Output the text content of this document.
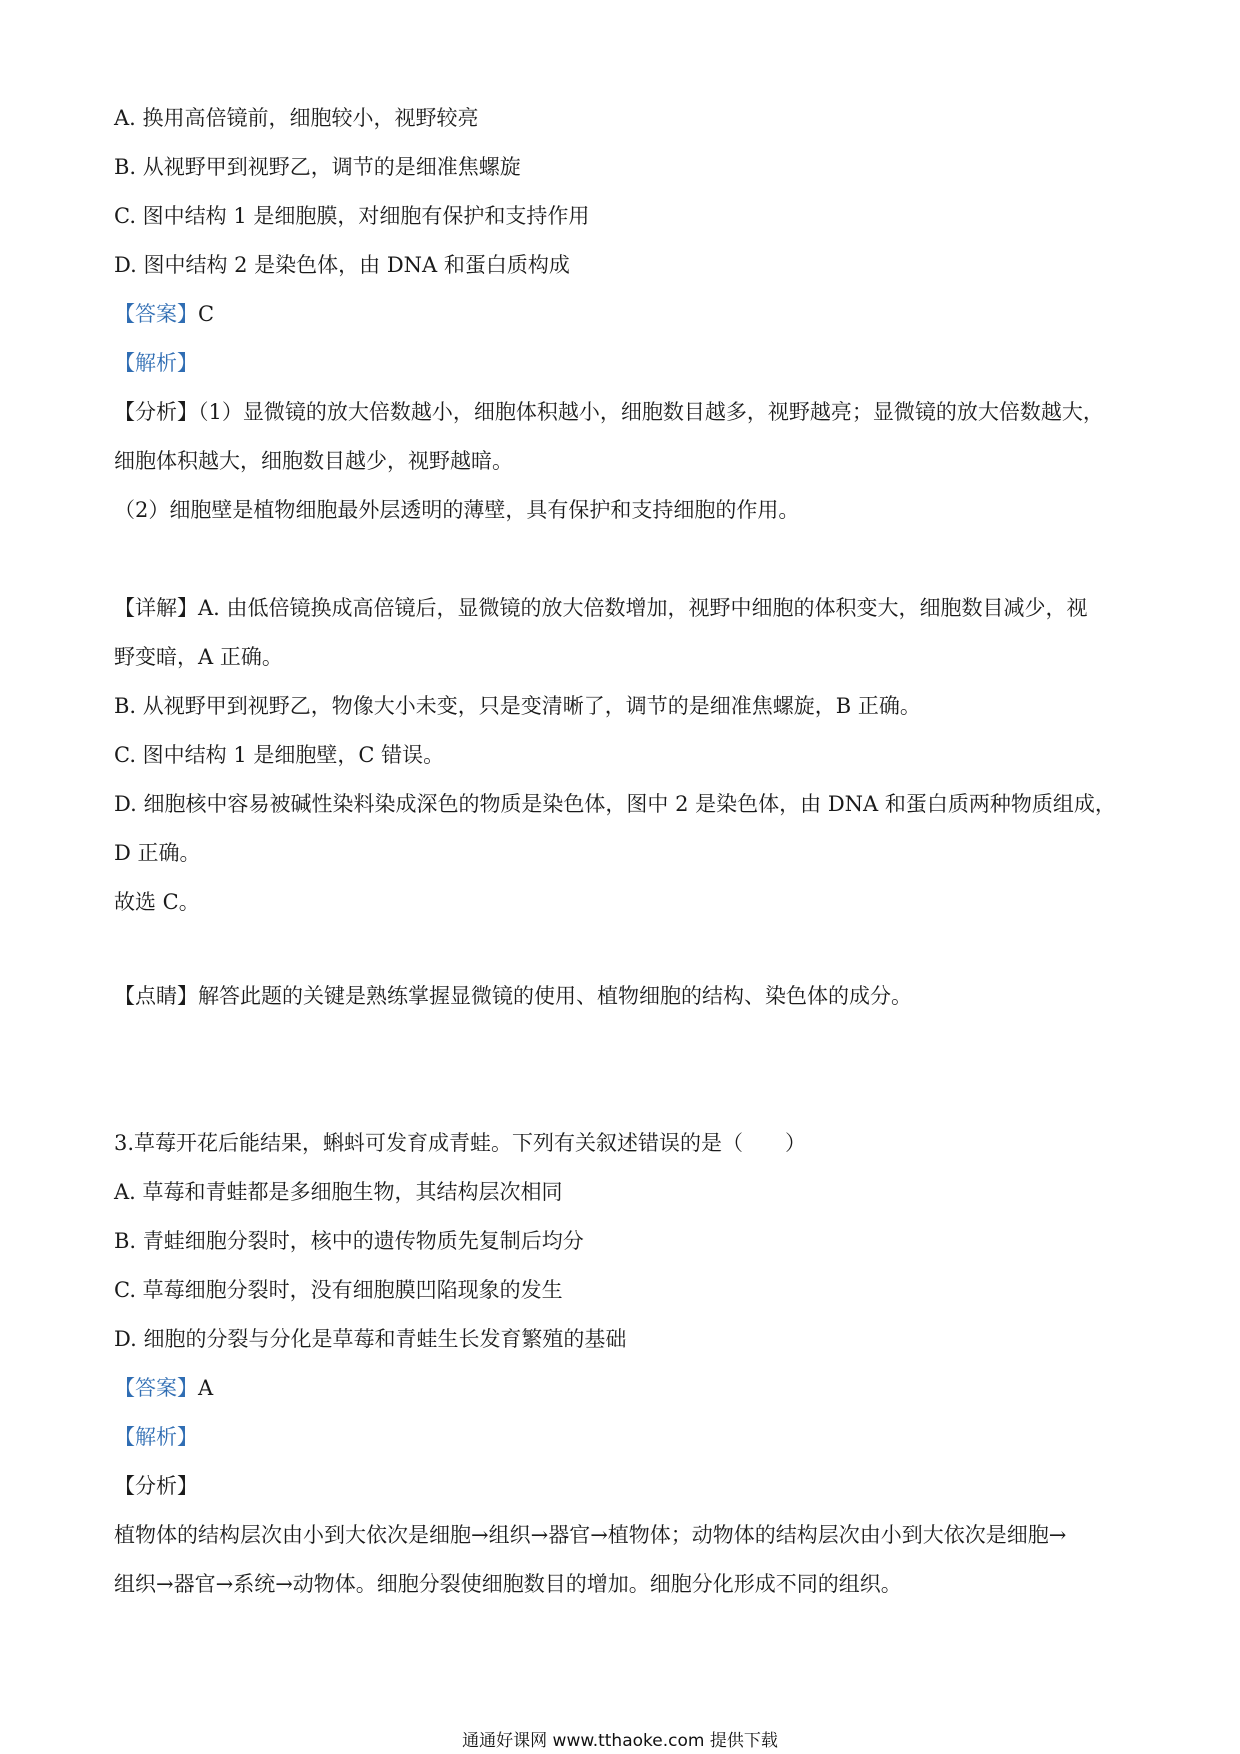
A. 换用高倍镜前，细胞较小，视野较亮
B. 从视野甲到视野乙，调节的是细准焦螺旋
C. 图中结构 1 是细胞膜，对细胞有保护和支持作用
D. 图中结构 2 是染色体，由 DNA 和蛋白质构成
【答案】C
【解析】
【分析】（1）显微镜的放大倍数越小，细胞体积越小，细胞数目越多，视野越亮；显微镜的放大倍数越大，
细胞体积越大，细胞数目越少，视野越暗。
（2）细胞壁是植物细胞最外层透明的薄壁，具有保护和支持细胞的作用。
【详解】A. 由低倍镜换成高倍镜后，显微镜的放大倍数增加，视野中细胞的体积变大，细胞数目减少，视
野变暗，A 正确。
B. 从视野甲到视野乙，物像大小未变，只是变清晰了，调节的是细准焦螺旋，B 正确。
C. 图中结构 1 是细胞壁，C 错误。
D. 细胞核中容易被碱性染料染成深色的物质是染色体，图中 2 是染色体，由 DNA 和蛋白质两种物质组成，
D 正确。
故选 C。
【点睛】解答此题的关键是熟练掌握显微镜的使用、植物细胞的结构、染色体的成分。
3.草莓开花后能结果，蝌蚪可发育成青蛙。下列有关叙述错误的是（　　）
A. 草莓和青蛙都是多细胞生物，其结构层次相同
B. 青蛙细胞分裂时，核中的遗传物质先复制后均分
C. 草莓细胞分裂时，没有细胞膜凹陷现象的发生
D. 细胞的分裂与分化是草莓和青蛙生长发育繁殖的基础
【答案】A
【解析】
【分析】
植物体的结构层次由小到大依次是细胞→组织→器官→植物体；动物体的结构层次由小到大依次是细胞→
组织→器官→系统→动物体。细胞分裂使细胞数目的增加。细胞分化形成不同的组织。
通通好课网 www.tthaoke.com 提供下载
